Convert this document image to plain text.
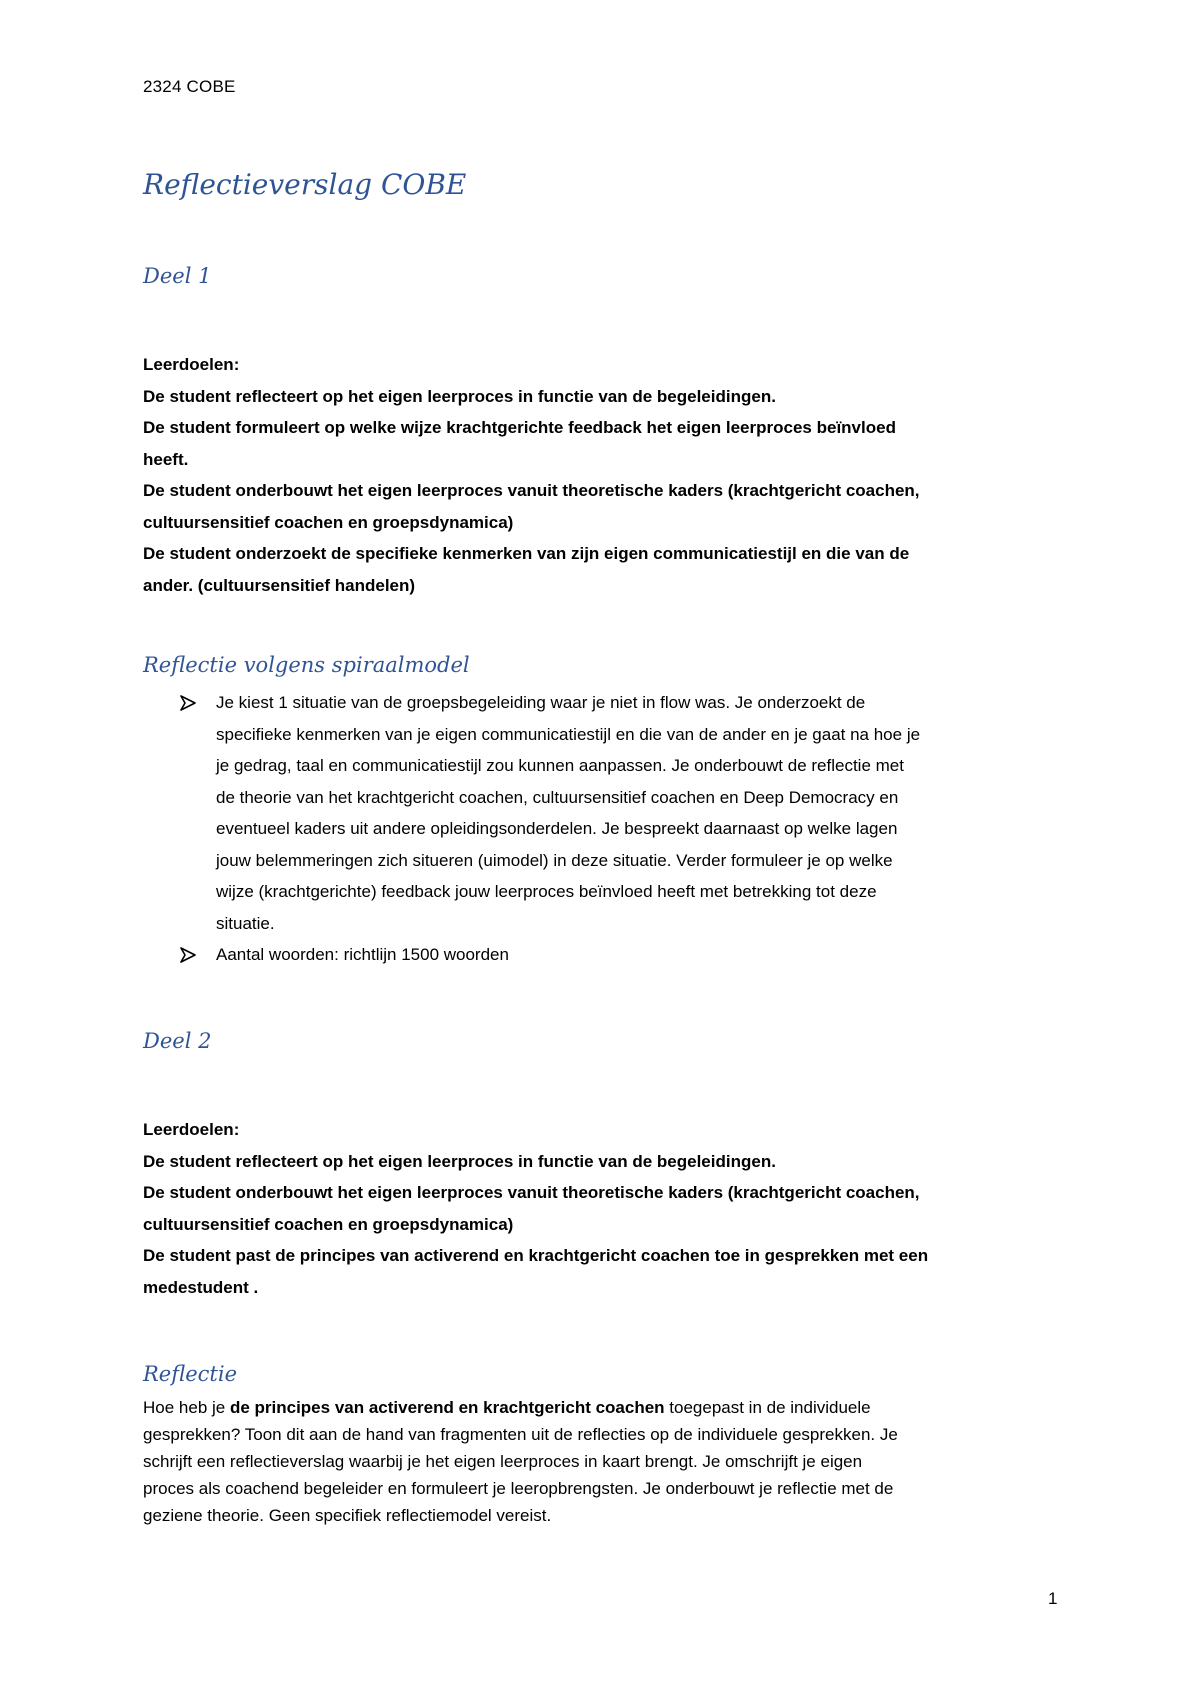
2324 COBE
Reflectieverslag COBE
Deel 1
Leerdoelen:
De student reflecteert op het eigen leerproces in functie van de begeleidingen.
De student formuleert op welke wijze krachtgerichte feedback het eigen leerproces beïnvloed
heeft.
De student onderbouwt het eigen leerproces vanuit theoretische kaders (krachtgericht coachen,
cultuursensitief coachen en groepsdynamica)
De student onderzoekt de specifieke kenmerken van zijn eigen communicatiestijl en die van de
ander. (cultuursensitief handelen)
Reflectie volgens spiraalmodel
Je kiest 1 situatie van de groepsbegeleiding waar je niet in flow was. Je onderzoekt de
specifieke kenmerken van je eigen communicatiestijl en die van de ander en je gaat na hoe je
je gedrag, taal en communicatiestijl zou kunnen aanpassen. Je onderbouwt de reflectie met
de theorie van het krachtgericht coachen, cultuursensitief coachen en Deep Democracy en
eventueel kaders uit andere opleidingsonderdelen. Je bespreekt daarnaast op welke lagen
jouw belemmeringen zich situeren (uimodel) in deze situatie. Verder formuleer je op welke
wijze (krachtgerichte) feedback jouw leerproces beïnvloed heeft met betrekking tot deze
situatie.
Aantal woorden: richtlijn 1500 woorden
Deel 2
Leerdoelen:
De student reflecteert op het eigen leerproces in functie van de begeleidingen.
De student onderbouwt het eigen leerproces vanuit theoretische kaders (krachtgericht coachen,
cultuursensitief coachen en groepsdynamica)
De student past de principes van activerend en krachtgericht coachen toe in gesprekken met een
medestudent .
Reflectie
Hoe heb je de principes van activerend en krachtgericht coachen toegepast in de individuele
gesprekken? Toon dit aan de hand van fragmenten uit de reflecties op de individuele gesprekken. Je
schrijft een reflectieverslag waarbij je het eigen leerproces in kaart brengt. Je omschrijft je eigen
proces als coachend begeleider en formuleert je leeropbrengsten. Je onderbouwt je reflectie met de
geziene theorie. Geen specifiek reflectiemodel vereist.
1
